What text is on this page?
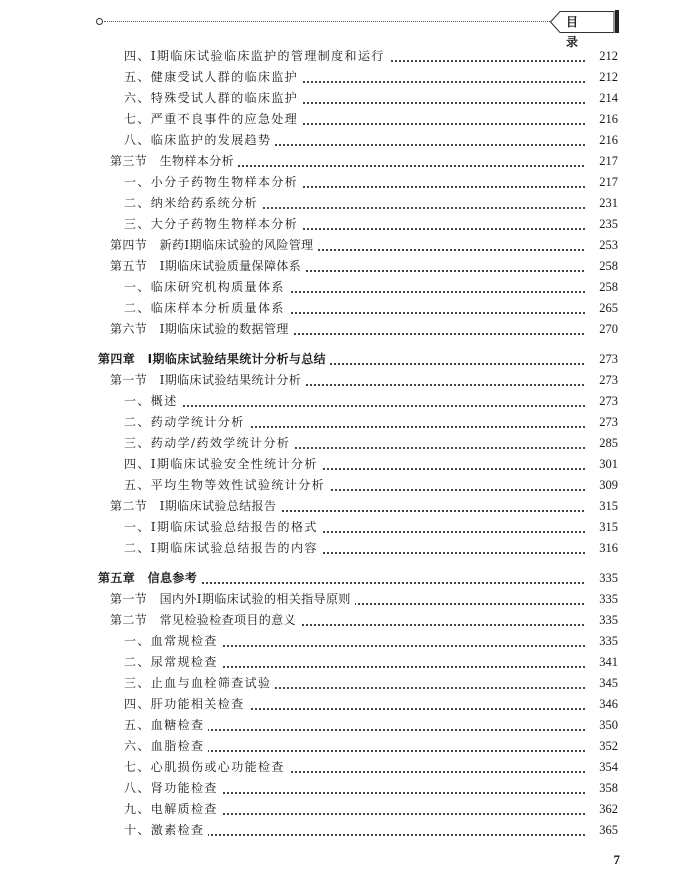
目 录
四、Ⅰ期临床试验临床监护的管理制度和运行	212
五、健康受试人群的临床监护	212
六、特殊受试人群的临床监护	214
七、严重不良事件的应急处理	216
八、临床监护的发展趋势	216
第三节　生物样本分析	217
一、小分子药物生物样本分析	217
二、纳米给药系统分析	231
三、大分子药物生物样本分析	235
第四节　新药Ⅰ期临床试验的风险管理	253
第五节　Ⅰ期临床试验质量保障体系	258
一、临床研究机构质量体系	258
二、临床样本分析质量体系	265
第六节　Ⅰ期临床试验的数据管理	270
第四章　Ⅰ期临床试验结果统计分析与总结	273
第一节　Ⅰ期临床试验结果统计分析	273
一、概述	273
二、药动学统计分析	273
三、药动学/药效学统计分析	285
四、Ⅰ期临床试验安全性统计分析	301
五、平均生物等效性试验统计分析	309
第二节　Ⅰ期临床试验总结报告	315
一、Ⅰ期临床试验总结报告的格式	315
二、Ⅰ期临床试验总结报告的内容	316
第五章　信息参考	335
第一节　国内外Ⅰ期临床试验的相关指导原则	335
第二节　常见检验检查项目的意义	335
一、血常规检查	335
二、尿常规检查	341
三、止血与血栓筛查试验	345
四、肝功能相关检查	346
五、血糖检查	350
六、血脂检查	352
七、心肌损伤或心功能检查	354
八、肾功能检查	358
九、电解质检查	362
十、激素检查	365
7
